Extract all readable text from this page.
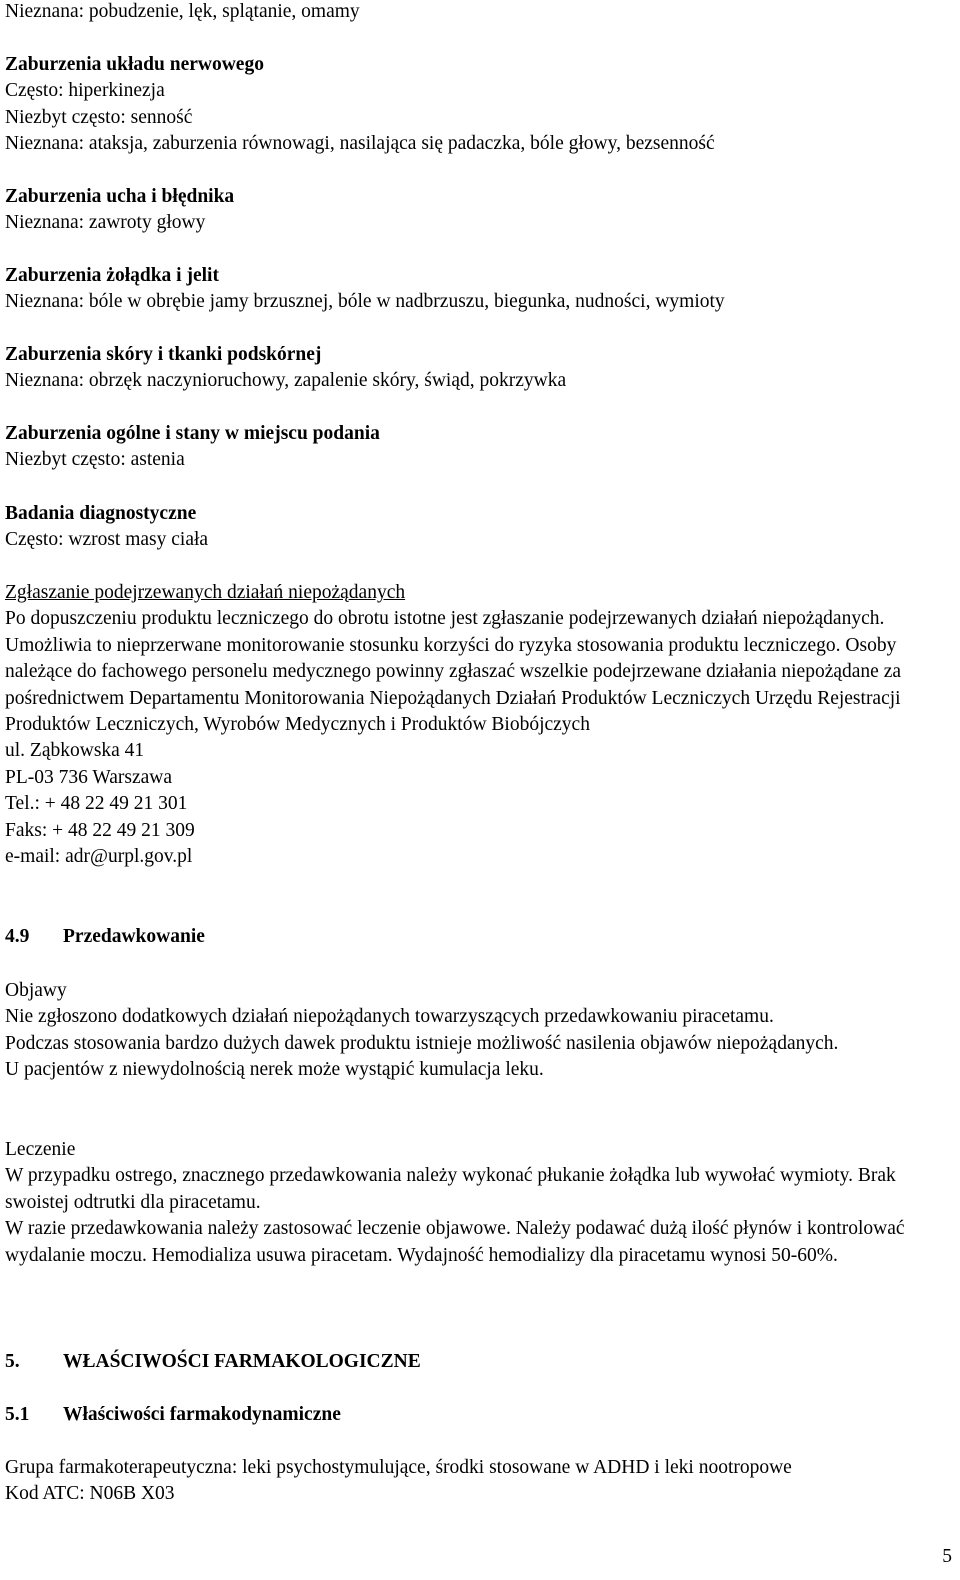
Nieznana: pobudzenie, lęk, splątanie, omamy
Zaburzenia układu nerwowego
Często: hiperkinezja
Niezbyt często: senność
Nieznana: ataksja, zaburzenia równowagi, nasilająca się padaczka, bóle głowy, bezsenność
Zaburzenia ucha i błędnika
Nieznana: zawroty głowy
Zaburzenia żołądka i jelit
Nieznana: bóle w obrębie jamy brzusznej, bóle w nadbrzuszu, biegunka, nudności, wymioty
Zaburzenia skóry i tkanki podskórnej
Nieznana: obrzęk naczynioruchowy, zapalenie skóry, świąd, pokrzywka
Zaburzenia ogólne i stany w miejscu podania
Niezbyt często: astenia
Badania diagnostyczne
Często: wzrost masy ciała
Zgłaszanie podejrzewanych działań niepożądanych
Po dopuszczeniu produktu leczniczego do obrotu istotne jest zgłaszanie podejrzewanych działań niepożądanych. Umożliwia to nieprzerwane monitorowanie stosunku korzyści do ryzyka stosowania produktu leczniczego. Osoby należące do fachowego personelu medycznego powinny zgłaszać wszelkie podejrzewane działania niepożądane za pośrednictwem Departamentu Monitorowania Niepożądanych Działań Produktów Leczniczych Urzędu Rejestracji Produktów Leczniczych, Wyrobów Medycznych i Produktów Biobójczych
ul. Ząbkowska 41
PL-03 736 Warszawa
Tel.: + 48 22 49 21 301
Faks: + 48 22 49 21 309
e-mail: adr@urpl.gov.pl
4.9 Przedawkowanie
Objawy
Nie zgłoszono dodatkowych działań niepożądanych towarzyszących przedawkowaniu piracetamu.
Podczas stosowania bardzo dużych dawek produktu istnieje możliwość nasilenia objawów niepożądanych.
U pacjentów z niewydolnością nerek może wystąpić kumulacja leku.
Leczenie
W przypadku ostrego, znacznego przedawkowania należy wykonać płukanie żołądka lub wywołać wymioty. Brak swoistej odtrutki dla piracetamu.
W razie przedawkowania należy zastosować leczenie objawowe. Należy podawać dużą ilość płynów i kontrolować wydalanie moczu. Hemodializa usuwa piracetam. Wydajność hemodializy dla piracetamu wynosi 50-60%.
5. WŁAŚCIWOŚCI FARMAKOLOGICZNE
5.1 Właściwości farmakodynamiczne
Grupa farmakoterapeutyczna: leki psychostymulujące, środki stosowane w ADHD i leki nootropowe
Kod ATC: N06B X03
5
